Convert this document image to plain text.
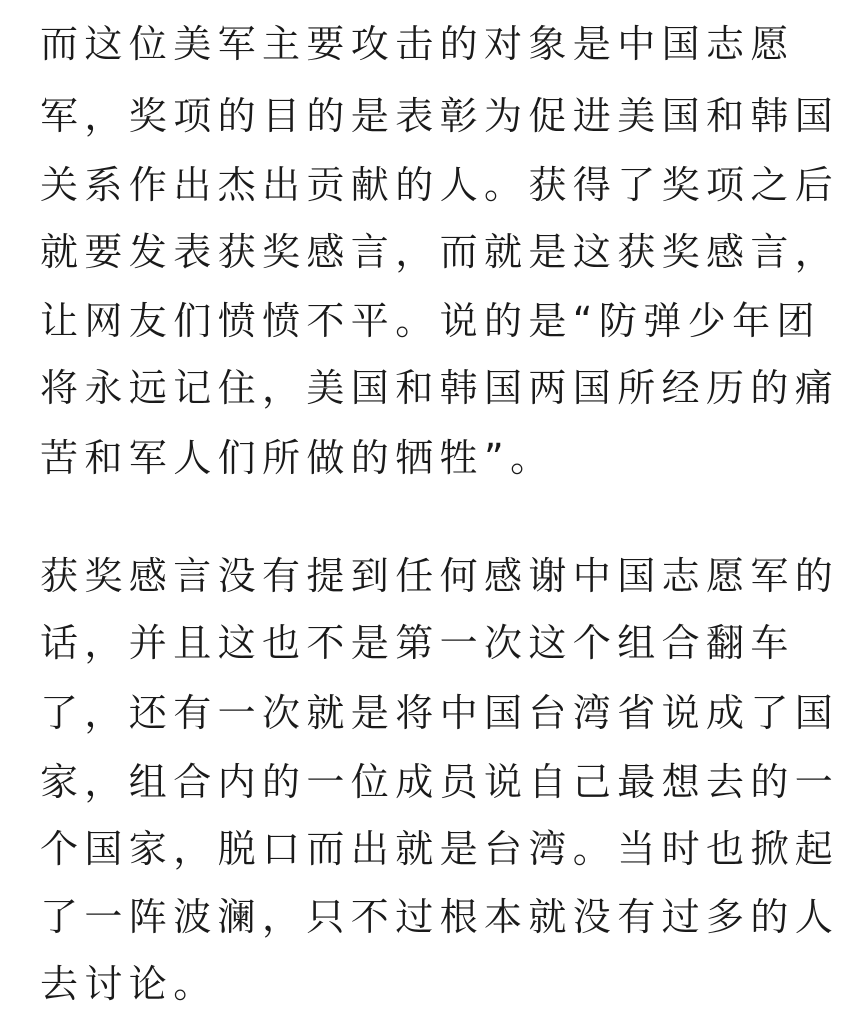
而这位美军主要攻击的对象是中国志愿
军，奖项的目的是表彰为促进美国和韩国
关系作出杰出贡献的人。获得了奖项之后
就要发表获奖感言，而就是这获奖感言，
让网友们愤愤不平。说的是“防弹少年团
将永远记住，美国和韩国两国所经历的痛
苦和军人们所做的牺牲”。
获奖感言没有提到任何感谢中国志愿军的
话，并且这也不是第一次这个组合翻车
了，还有一次就是将中国台湾省说成了国
家，组合内的一位成员说自己最想去的一
个国家，脱口而出就是台湾。当时也掀起
了一阵波澜，只不过根本就没有过多的人
去讨论。
